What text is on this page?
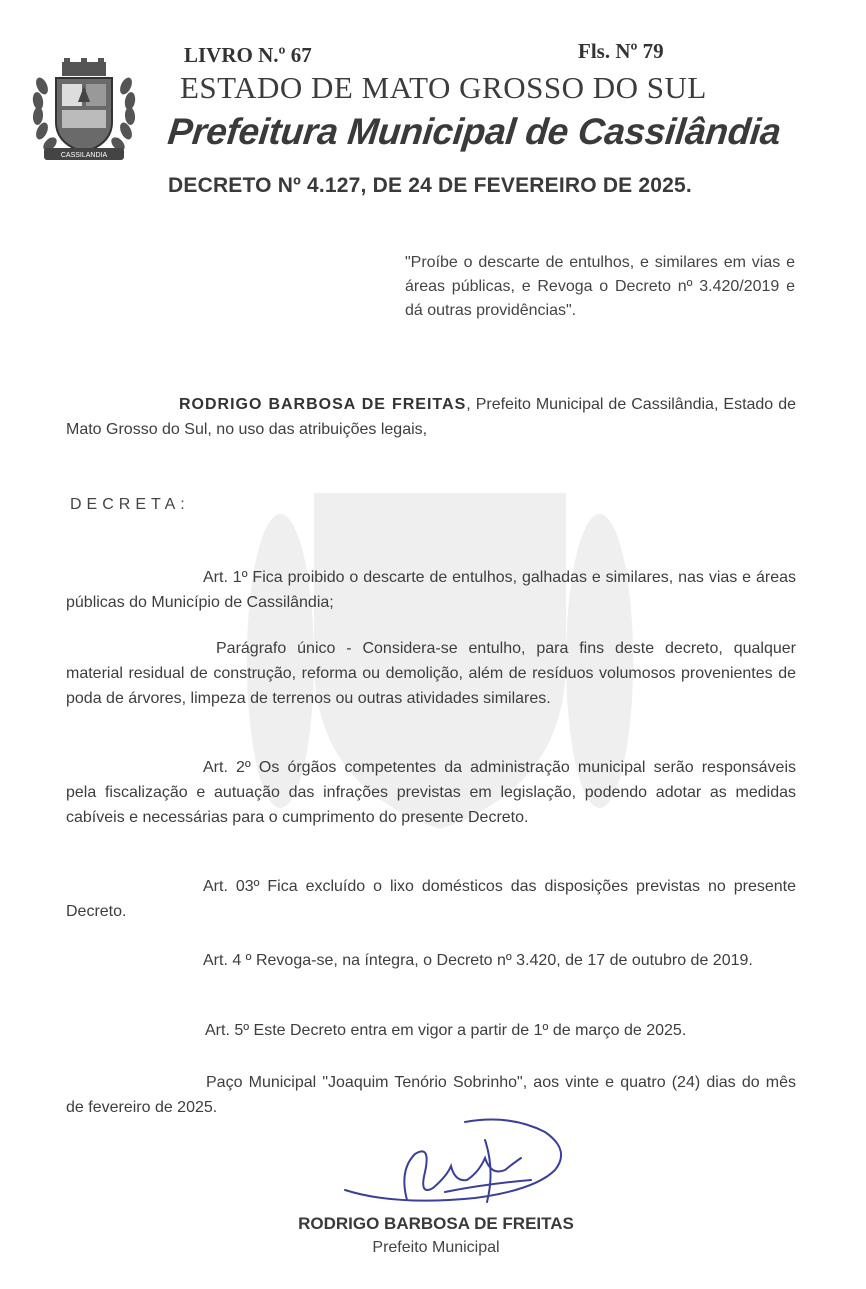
CASSILANDIA
LIVRO N.º 67	Fls. Nº 79
ESTADO DE MATO GROSSO DO SUL
Prefeitura Municipal de Cassilândia
DECRETO Nº 4.127, DE 24 DE FEVEREIRO DE 2025.
"Proíbe o descarte de entulhos, e similares em vias e áreas públicas, e Revoga o Decreto nº 3.420/2019 e dá outras providências".
RODRIGO BARBOSA DE FREITAS, Prefeito Municipal de Cassilândia, Estado de Mato Grosso do Sul, no uso das atribuições legais,
DECRETA:
Art. 1º Fica proibido o descarte de entulhos, galhadas e similares, nas vias e áreas públicas do Município de Cassilândia;
Parágrafo único - Considera-se entulho, para fins deste decreto, qualquer material residual de construção, reforma ou demolição, além de resíduos volumosos provenientes de poda de árvores, limpeza de terrenos ou outras atividades similares.
Art. 2º Os órgãos competentes da administração municipal serão responsáveis pela fiscalização e autuação das infrações previstas em legislação, podendo adotar as medidas cabíveis e necessárias para o cumprimento do presente Decreto.
Art. 03º Fica excluído o lixo domésticos das disposições previstas no presente Decreto.
Art. 4 º Revoga-se, na íntegra, o Decreto nº 3.420, de 17 de outubro de 2019.
Art. 5º Este Decreto entra em vigor a partir de 1º de março de 2025.
Paço Municipal "Joaquim Tenório Sobrinho", aos vinte e quatro (24) dias do mês de fevereiro de 2025.
RODRIGO BARBOSA DE FREITAS
Prefeito Municipal
